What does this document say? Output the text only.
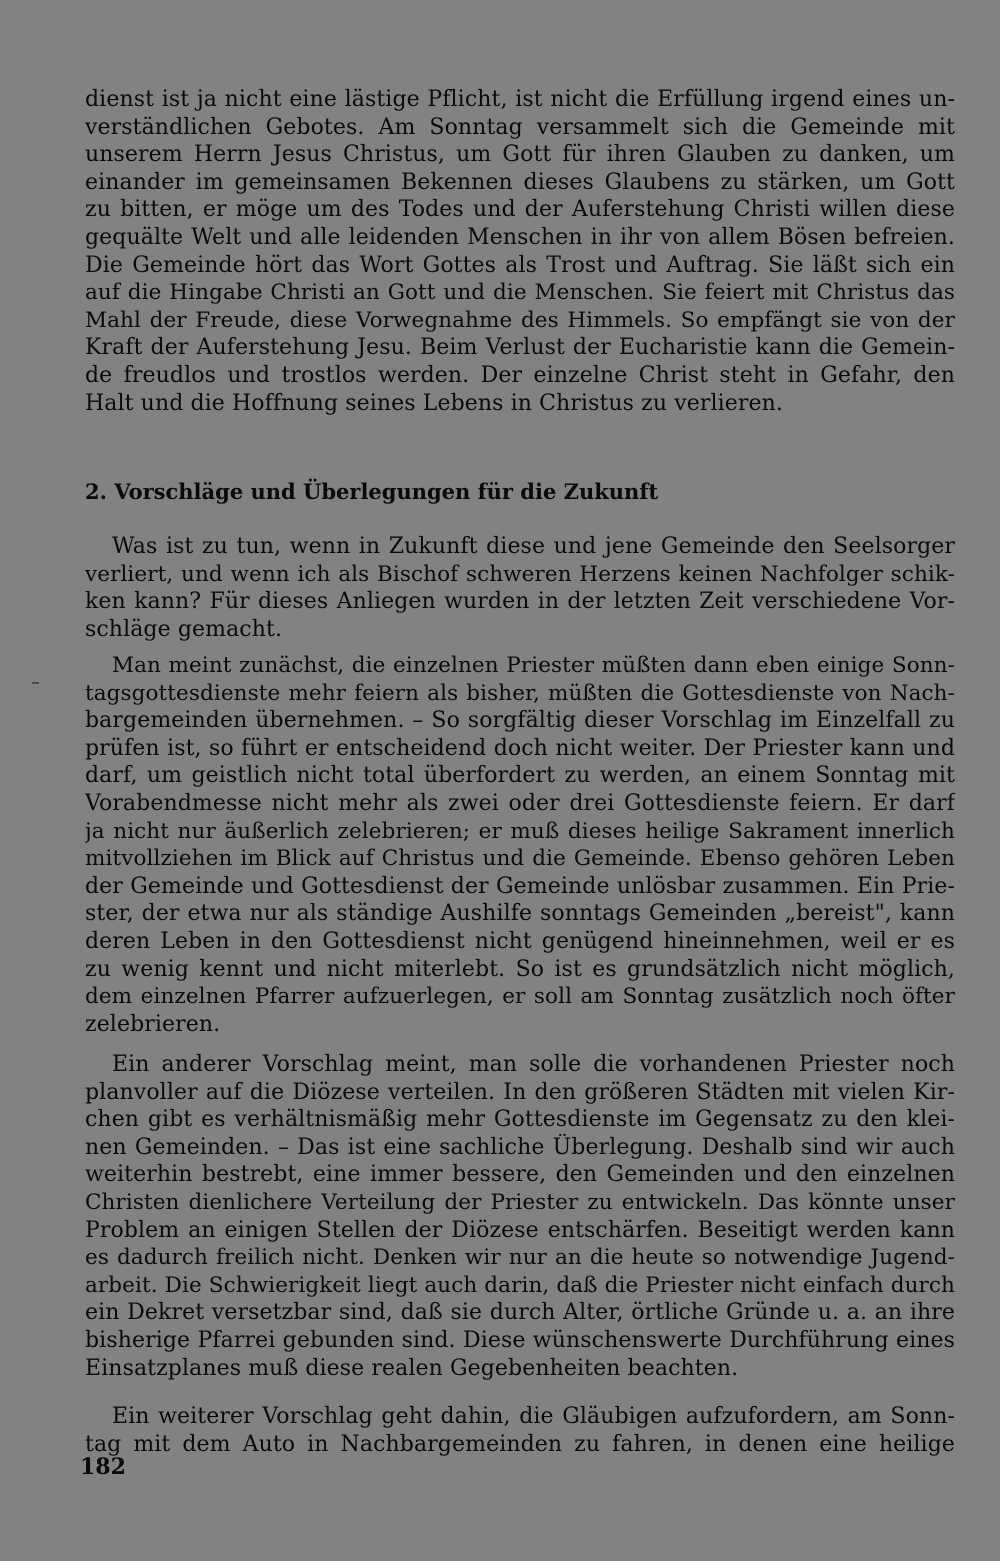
dienst ist ja nicht eine lästige Pflicht, ist nicht die Erfüllung irgend eines un-
verständlichen Gebotes. Am Sonntag versammelt sich die Gemeinde mit
unserem Herrn Jesus Christus, um Gott für ihren Glauben zu danken, um
einander im gemeinsamen Bekennen dieses Glaubens zu stärken, um Gott
zu bitten, er möge um des Todes und der Auferstehung Christi willen diese
gequälte Welt und alle leidenden Menschen in ihr von allem Bösen befreien.
Die Gemeinde hört das Wort Gottes als Trost und Auftrag. Sie läßt sich ein
auf die Hingabe Christi an Gott und die Menschen. Sie feiert mit Christus das
Mahl der Freude, diese Vorwegnahme des Himmels. So empfängt sie von der
Kraft der Auferstehung Jesu. Beim Verlust der Eucharistie kann die Gemein-
de freudlos und trostlos werden. Der einzelne Christ steht in Gefahr, den
Halt und die Hoffnung seines Lebens in Christus zu verlieren.
2. Vorschläge und Überlegungen für die Zukunft
Was ist zu tun, wenn in Zukunft diese und jene Gemeinde den Seelsorger
verliert, und wenn ich als Bischof schweren Herzens keinen Nachfolger schik-
ken kann? Für dieses Anliegen wurden in der letzten Zeit verschiedene Vor-
schläge gemacht.
Man meint zunächst, die einzelnen Priester müßten dann eben einige Sonn-
tagsgottesdienste mehr feiern als bisher, müßten die Gottesdienste von Nach-
bargemeinden übernehmen. – So sorgfältig dieser Vorschlag im Einzelfall zu
prüfen ist, so führt er entscheidend doch nicht weiter. Der Priester kann und
darf, um geistlich nicht total überfordert zu werden, an einem Sonntag mit
Vorabendmesse nicht mehr als zwei oder drei Gottesdienste feiern. Er darf
ja nicht nur äußerlich zelebrieren; er muß dieses heilige Sakrament innerlich
mitvollziehen im Blick auf Christus und die Gemeinde. Ebenso gehören Leben
der Gemeinde und Gottesdienst der Gemeinde unlösbar zusammen. Ein Prie-
ster, der etwa nur als ständige Aushilfe sonntags Gemeinden „bereist", kann
deren Leben in den Gottesdienst nicht genügend hineinnehmen, weil er es
zu wenig kennt und nicht miterlebt. So ist es grundsätzlich nicht möglich,
dem einzelnen Pfarrer aufzuerlegen, er soll am Sonntag zusätzlich noch öfter
zelebrieren.
Ein anderer Vorschlag meint, man solle die vorhandenen Priester noch
planvoller auf die Diözese verteilen. In den größeren Städten mit vielen Kir-
chen gibt es verhältnismäßig mehr Gottesdienste im Gegensatz zu den klei-
nen Gemeinden. – Das ist eine sachliche Überlegung. Deshalb sind wir auch
weiterhin bestrebt, eine immer bessere, den Gemeinden und den einzelnen
Christen dienlichere Verteilung der Priester zu entwickeln. Das könnte unser
Problem an einigen Stellen der Diözese entschärfen. Beseitigt werden kann
es dadurch freilich nicht. Denken wir nur an die heute so notwendige Jugend-
arbeit. Die Schwierigkeit liegt auch darin, daß die Priester nicht einfach durch
ein Dekret versetzbar sind, daß sie durch Alter, örtliche Gründe u. a. an ihre
bisherige Pfarrei gebunden sind. Diese wünschenswerte Durchführung eines
Einsatzplanes muß diese realen Gegebenheiten beachten.
Ein weiterer Vorschlag geht dahin, die Gläubigen aufzufordern, am Sonn-
tag mit dem Auto in Nachbargemeinden zu fahren, in denen eine heilige
182
